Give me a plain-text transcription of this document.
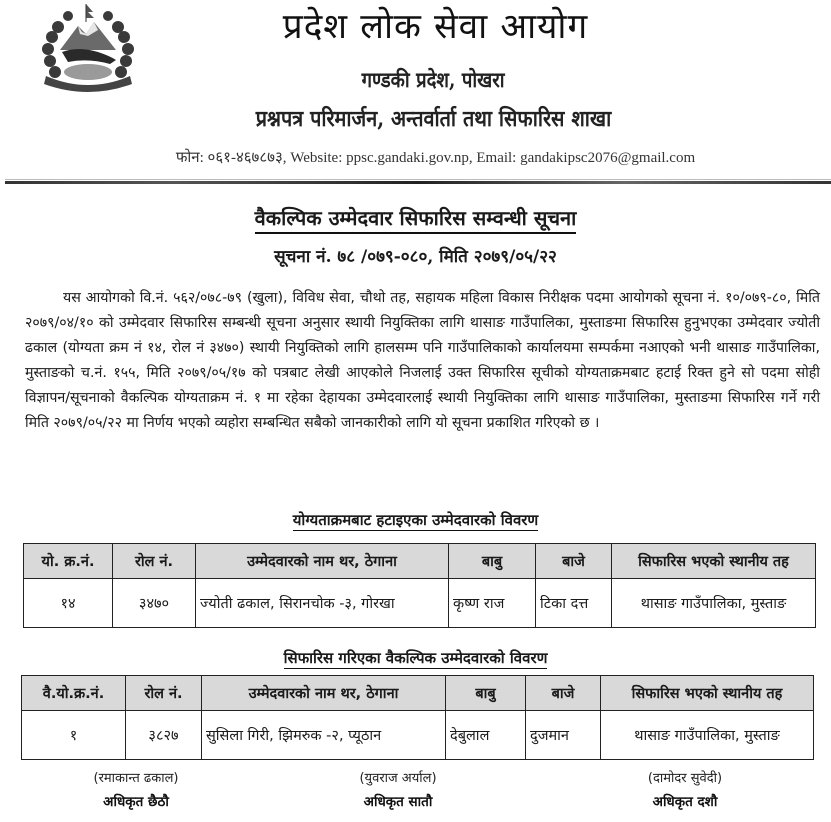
प्रदेश लोक सेवा आयोग
गण्डकी प्रदेश, पोखरा
प्रश्नपत्र परिमार्जन, अन्तर्वार्ता तथा सिफारिस शाखा
फोन: ०६१-४६७८७३, Website: ppsc.gandaki.gov.np, Email: gandakipsc2076@gmail.com
वैकल्पिक उम्मेदवार सिफारिस सम्वन्धी सूचना
सूचना नं. ७८ /०७९-०८०, मिति २०७९/०५/२२
यस आयोगको वि.नं. ५६२/०७८-७९ (खुला), विविध सेवा, चौथो तह, सहायक महिला विकास निरीक्षक पदमा आयोगको सूचना नं. १०/०७९-८०, मिति २०७९/०४/१० को उम्मेदवार सिफारिस सम्बन्धी सूचना अनुसार स्थायी नियुक्तिका लागि थासाङ गाउँपालिका, मुस्ताङमा सिफारिस हुनुभएका उम्मेदवार ज्योती ढकाल (योग्यता क्रम नं १४, रोल नं ३४७०) स्थायी नियुक्तिको लागि हालसम्म पनि गाउँपालिकाको कार्यालयमा सम्पर्कमा नआएको भनी थासाङ गाउँपालिका, मुस्ताङको च.नं. १५५, मिति २०७९/०५/१७ को पत्रबाट लेखी आएकोले निजलाई उक्त सिफारिस सूचीको योग्यताक्रमबाट हटाई रिक्त हुने सो पदमा सोही विज्ञापन/सूचनाको वैकल्पिक योग्यताक्रम नं. १ मा रहेका देहायका उम्मेदवारलाई स्थायी नियुक्तिका लागि थासाङ गाउँपालिका, मुस्ताङमा सिफारिस गर्ने गरी मिति २०७९/०५/२२ मा निर्णय भएको व्यहोरा सम्बन्धित सबैको जानकारीको लागि यो सूचना प्रकाशित गरिएको छ ।
योग्यताक्रमबाट हटाइएका उम्मेदवारको विवरण
यो. क्र.नं.	रोल नं.	उम्मेदवारको नाम थर, ठेगाना	बाबु	बाजे	सिफारिस भएको स्थानीय तह
१४	३४७०	ज्योती ढकाल, सिरानचोक -३, गोरखा	कृष्ण राज	टिका दत्त	थासाङ गाउँपालिका, मुस्ताङ
सिफारिस गरिएका वैकल्पिक उम्मेदवारको विवरण
वै.यो.क्र.नं.	रोल नं.	उम्मेदवारको नाम थर, ठेगाना	बाबु	बाजे	सिफारिस भएको स्थानीय तह
१	३८२७	सुसिला गिरी, झिमरुक -२, प्यूठान	देबुलाल	दुजमान	थासाङ गाउँपालिका, मुस्ताङ
(रमाकान्त ढकाल)
अधिकृत छैठौ
(युवराज अर्याल)
अधिकृत सातौ
(दामोदर सुवेदी)
अधिकृत दशौ
